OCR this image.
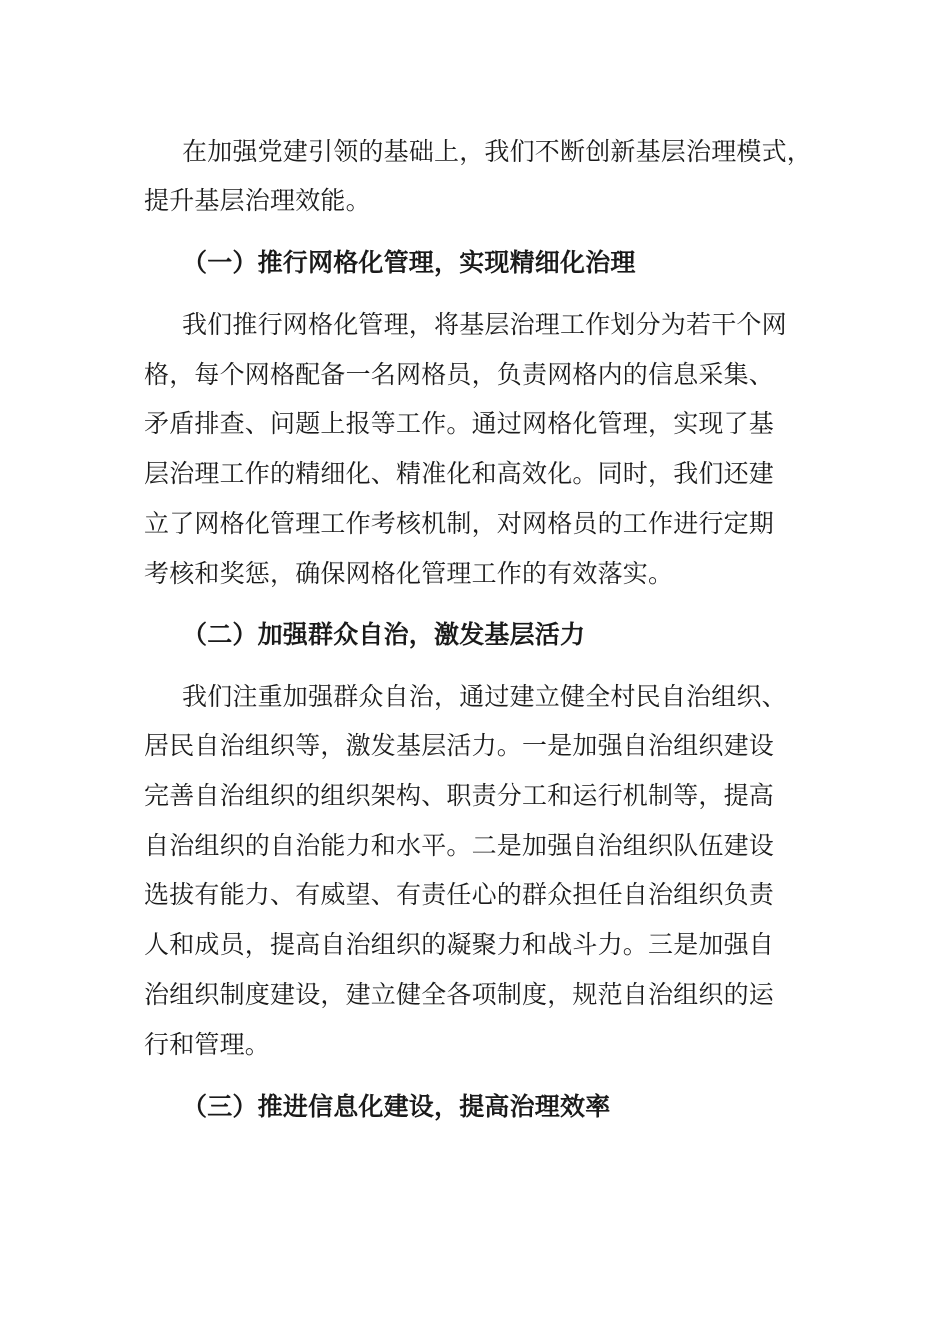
在加强党建引领的基础上，我们不断创新基层治理模式，
提升基层治理效能。
（一）推行网格化管理，实现精细化治理
我们推行网格化管理，将基层治理工作划分为若干个网
格，每个网格配备一名网格员，负责网格内的信息采集、
矛盾排查、问题上报等工作。通过网格化管理，实现了基
层治理工作的精细化、精准化和高效化。同时，我们还建
立了网格化管理工作考核机制，对网格员的工作进行定期
考核和奖惩，确保网格化管理工作的有效落实。
（二）加强群众自治，激发基层活力
我们注重加强群众自治，通过建立健全村民自治组织、
居民自治组织等，激发基层活力。一是加强自治组织建设
完善自治组织的组织架构、职责分工和运行机制等，提高
自治组织的自治能力和水平。二是加强自治组织队伍建设
选拔有能力、有威望、有责任心的群众担任自治组织负责
人和成员，提高自治组织的凝聚力和战斗力。三是加强自
治组织制度建设，建立健全各项制度，规范自治组织的运
行和管理。
（三）推进信息化建设，提高治理效率
